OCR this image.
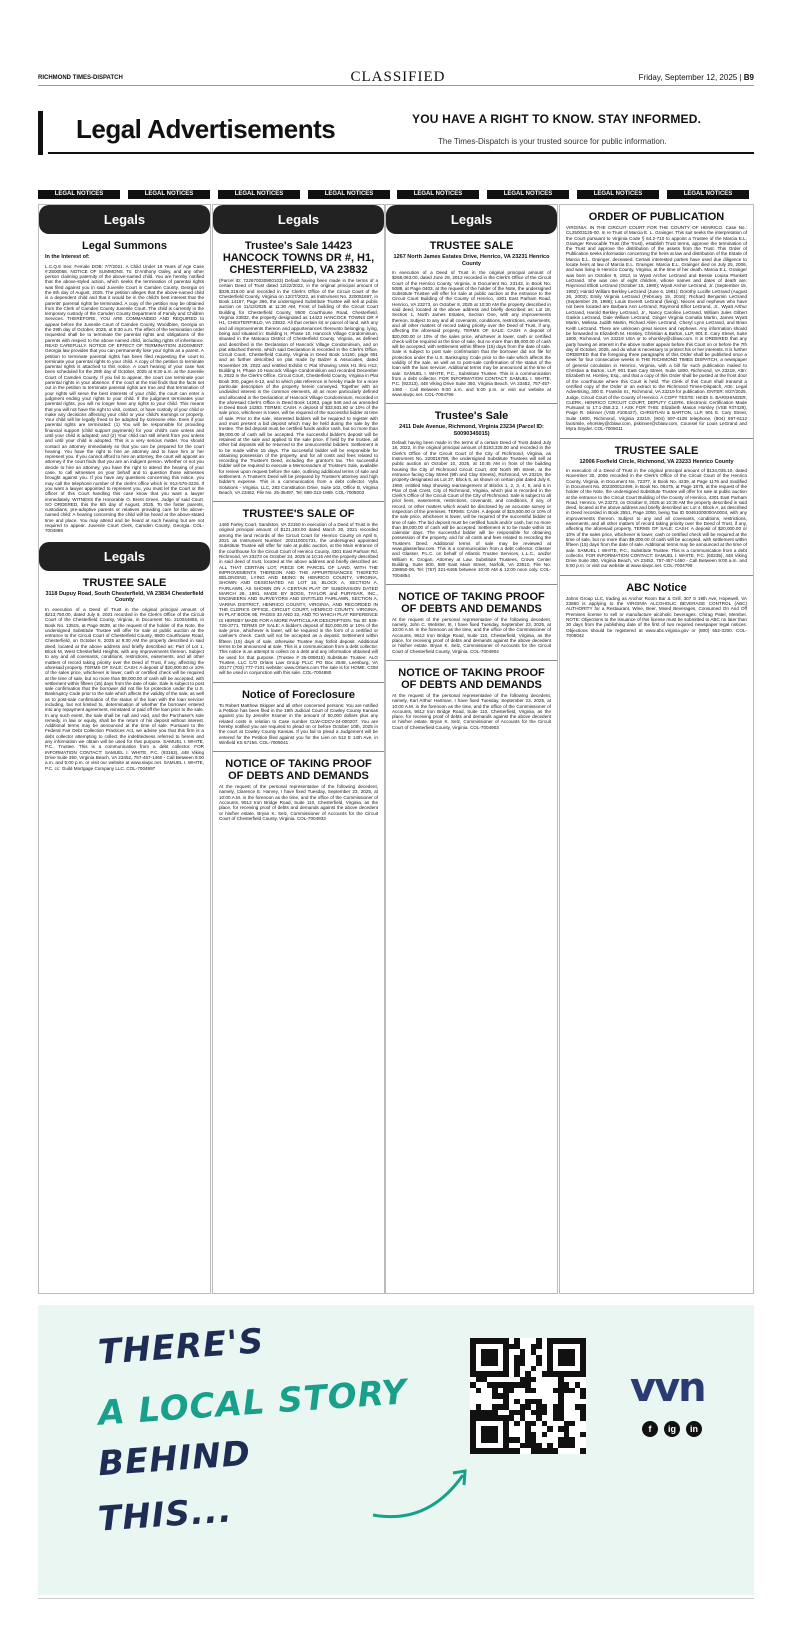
RICHMOND TIMES-DISPATCH	CLASSIFIED	Friday, September 12, 2025 | B9
Legal Advertisements	YOU HAVE A RIGHT TO KNOW. STAY INFORMED.
The Times-Dispatch is your trusted source for public information.
LEGAL NOTICES	LEGAL NOTICES	LEGAL NOTICES	LEGAL NOTICES	LEGAL NOTICES	LEGAL NOTICES	LEGAL NOTICES	LEGAL NOTICES
Legals
Legal Summons
In the Interest of:

L.C.Q.E Sex: Female DOB: 7/7/2021. A Child Under 18 Years of Age Case #:2500068. NOTICE OF SUMMONS. To: D'Anthony Oaley, and any other person claiming paternity of the above-named child. You are hereby notified that the above-styled action, which seeks the termination of parental rights was filed against you in said Juvenile Court in Camden County, Georgia on the 6th day of August, 2025. The petition alleges that the above-named child is a dependent child and that it would be in the child's best interest that the parents' parental rights be terminated. A copy of the petition may be obtained from the Clerk of Camden County Juvenile Court. The child is currently in the temporary custody of the Camden County Department of Family and Children Services. THEREFORE, YOU ARE COMMANDED AND REQUIRED to appear before the Juvenile Court of Camden County, Woodbine, Georgia on the 29th day of October, 2025, at 9:30 a.m. The effect of the termination order requested shall be to terminate the parental rights and obligations of the parents with respect to the above named child, including rights of inheritance. READ CAREFULLY. NOTICE OF EFFECT OF TERMINATION JUDGMENT. Georgia law provides that you can permanently lose your rights as a parent. A petition to terminate parental rights has been filed requesting the court to terminate your parental rights to your child. A copy of the petition to terminate parental rights is attached to this notice. A court hearing of your case has been scheduled for the 29th day of October, 2025 at 9:30 a.m. at the Juvenile Court of Camden County. If you fail to appear, the court can terminate your parental rights in your absence. If the court at the trial finds that the facts set out in the petition to terminate parental rights are true and that termination of your rights will serve the best interests of your child, the court can enter a judgment ending your rights to your child. If the judgment terminates your parental rights, you will no longer have any rights to your child. This means that you will not have the right to visit, contact, or have custody of your child or make any decisions affecting your child or your child's earnings or property. Your child will be legally freed to be adopted by someone else. Even if your parental rights are terminated: (1) You will be responsible for providing financial support (child support payments) for your child's care unless and until your child is adopted; and (2) Your child can still inherit from you unless and until your child is adopted. This is a very serious matter. You should contact an attorney immediately so that you can be prepared for the court hearing. You have the right to hire an attorney and to have him or her represent you. If you cannot afford to hire an attorney, the court will appoint an attorney if the court finds that you are an indigent person. Whether or not you decide to hire an attorney, you have the right to attend the hearing of your case, to call witnesses on your behalf and to question those witnesses brought against you. If you have any questions concerning this notice, you may call the telephone number of the clerk's office which is: 912-576-3226. If you want a lawyer appointed to represent you, you must let the Court or the officer of this Court handling this case know that you want a lawyer immediately. WITNESS the Honorable O. Brent Green, Judge of said Court. SO ORDERED, this the 6th day of August, 2025. To the foster parents, custodians, pre-adoptive parents or relatives providing care for the above-named child: A hearing concerning the child will be heard at the above-stated time and place. You may attend and be heard at such hearing but are not required to appear. Juvenile Court Clerk, Camden County, Georgia. COL-7004889

Legals
TRUSTEE SALE
3118 Dupuy Road, South Chesterfield, VA 23834 Chesterfield County

In execution of a Deed of Trust in the original principal amount of $213,750.00, dated July 9, 2021 recorded in the Clerk's Office of the Circuit Court of the Chesterfield County, Virginia, in Document No. 210044855, in Book No. 13515, at Page 0639, at the request of the holder of the Note, the undersigned Substitute Trustee will offer for sale at public auction at the entrance to the Circuit Court of Chesterfield County, 9500 Courthouse Road, Chesterfield, on October 8, 2025 at 9:30 AM the property described in said deed, located at the above address and briefly described as: Part of Lot 1, Block M, West Chesterfield Heights, with any improvements thereon. Subject to any and all covenants, conditions, restrictions, easements, and all other matters of record taking priority over the Deed of Trust, if any, affecting the aforesaid property. TERMS OF SALE: CASH: A deposit of $20,000.00 or 10% of the sales price, whichever is lower, cash or certified check will be required at the time of sale, but no more than $9,000.00 of cash will be accepted, with settlement within fifteen (15) days from the date of sale. Sale is subject to post sale confirmation that the borrower did not file for protection under the U.S. Bankruptcy Code prior to the sale which affects the validity of the sale, as well as to post-sale confirmation of the status of the loan with the loan servicer including, but not limited to, determination of whether the borrower entered into any repayment agreement, reinstated or paid off the loan prior to the sale. In any such event, the sale shall be null and void, and the Purchaser's sole remedy, in law or equity, shall be the return of his deposit without interest. Additional terms may be announced at the time of sale. Pursuant to the Federal Fair Debt Collection Practices Act, we advise you that this firm is a debt collector attempting to collect the indebtedness referred to herein and any information we obtain will be used for that purpose. SAMUEL I. WHITE, P.C., Trustee. This is a communication from a debt collector. FOR INFORMATION CONTACT: SAMUEL I. WHITE, P.C. (93163), 448 Viking Drive Suite 350, Virginia Beach, VA 23452, 757-457-1460 - Call Between 9:00 a.m. and 5:00 p.m. or visit our website at www.siwpc.net. SAMUEL I. WHITE, P.C. cc: Guild Mortgage Company LLC. COL-7004997

Legals
Trustee's Sale 14423 HANCOCK TOWNS DR #, H1, CHESTERFIELD, VA 23832

(Parcel ID: 722670030900103) Default having been made in the terms of a certain Deed of Trust dated 12/22/2022, in the original principal amount of $339,318.00 and recorded in the Clerk's Office of the Circuit Court of the Chesterfield County, Virginia on 12/27/2022, as Instrument No. 220051697, in Book 14167, Page 366, the undersigned Substitute Trustee will sell at public auction on 11/12/2025 at 11:30 AM, Front of building of the Circuit Court Building for Chesterfield County, 9500 Courthouse Road, Chesterfield, Virginia 23832, the property designated as 14423 HANCOCK TOWNS DR # H1, CHESTERFIELD, VA 23832. All that certain lot or parcel of land, with any and all improvements thereon and appurtenances thereunto belonging, lying, being and situated in: Building H, Phase 10, Hancock Village Condominium, situated in the Matoaca District of Chesterfield County, Virginia, as defined and described in the Declaration of Hancock Village Condominium, and on plat attached thereto, which said Declaration is recorded in the Clerk's Office, Circuit Court, Chesterfield County, Virginia in Deed Book 14150, page 691 and as further described on plat made by Balzer & Associates, dated November 29, 2022 and entitled Exhibit C Plat Showing Units H1 thru H12, Building H, Phase 10 Hancock Village Condominium and recorded December 5, 2022 in the Clerk's Office, Circuit Court, Chesterfield County, Virginia in Plat Book 300, pages 6-12, and to which plat reference is hereby made for a more particular description of the property herein conveyed. Together with an undivided interest in the common elements, all as more particularly defined and allocated in the Declaration of Hancock Village Condominium, recorded in the aforesaid Clerk's Office in Deed Book 14263, page 548 and as amended in Deed Book 14283. TERMS: CASH. A deposit of $33,931.80 or 10% of the sale price, whichever is lower, will be required of the successful bidder at time of sale. Prior to the sale, interested bidders will be required to register with and must present a bid deposit which may be held during the sale by the trustee. The bid deposit must be certified funds and/or cash, but no more than $9,000.00 of cash will be accepted. The successful bidder's deposit will be retained at the sale and applied to the sale price. If held by the trustee, all other bid deposits will be returned to the unsuccessful bidders. Settlement is to be made within 15 days. The successful bidder will be responsible for obtaining possession of the property, and for all costs and fees related to recording the Trustee's Deed, including the grantor's tax. The successful bidder will be required to execute a Memorandum of Trustee's Sale, available for review upon request before the sale, outlining additional terms of sale and settlement. A Trustee's Deed will be prepared by Trustee's attorney and high bidder's expense. This is a communication from a debt collector. Vylla Solutions - Virginia, LLC, 283 Constitution Drive, Suite 102, Office B, Virginia Beach, VA 23462, File No. 25-35497, Tel: 888-313-1969. COL-7005003

TRUSTEE'S SALE OF

1460 Farley Court, Sandston, VA 23150 In execution of a Deed of Trust in the original principal amount of $121,193.00 dated March 30, 2021 recorded among the land records of the Circuit Court for Henrico County on April 5, 2021 as Instrument Number: 202110001731, the undersigned appointed Substitute Trustee will offer for sale at public auction, at the Main entrance of the courthouse for the Circuit Court of Henrico County, 4301 East Parham Rd, Richmond, VA 23273 on October 24, 2025 at 10:15 AM the property described in said deed of trust, located at the above address and briefly described as: ALL THAT CERTAIN LOT, PIECE OR PARCEL OF LAND, WITH THE IMPROVEMENTS THEREON AND THE APPURTENANCES THERETO BELONGING, LYING AND BEING IN HENRICO COUNTY, VIRGINIA, SHOWN AND DESIGNATED AS LOT 16, BLOCK A, SECTION A, FAIRLAWN, AS SHOWN ON A CERTAIN PLAT OF SUBDIVISION DATED MARCH 26, 1991, MADE BY BOOS, TAYLOR and PURYEAR, INC., ENGINEERS AND SURVEYORS AND ENTITLED FAIRLAWN, SECTION A, VARINA DISTRICT, HENRICO COUNTY, VIRGINIA, AND RECORDED IN THE CLERK'S OFFICE, CIRCUIT COURT, HENRICO COUNTY, VIRGINIA, IN PLAT BOOK 95, PAGES 33 AND 32, AND TO WHICH PLAT REFERENCE IS HEREBY MADE FOR A MORE PARTICULAR DESCRIPTION. Tax ID: 828-726-3771. TERMS OF SALE: A bidder's deposit of $10,000.00 or 10% of the sale price, whichever is lower, will be required in the form of a certified or cashier's check. Cash will not be accepted as a deposit. Settlement within fifteen (15) days of sale, otherwise Trustee may forfeit deposit. Additional terms to be announced at sale. This is a communication from a debt collector. This notice is an attempt to collect on a debt and any information obtained will be used for that purpose. (Trustee # 25-009015) Substitute Trustee: ALG Trustee, LLC C/O Orlans Law Group PLLC PO Box 2548, Leesburg, VA 20177 (703) 777-7101 website: www.Orlans.com The sale is for HOME. COM will be used in conjunction with this sale. COL-7004880

Notice of Foreclosure

To Robert Matthew Skipper and all other concerned persons: You are notified a Petition has been filed in the 19th Judicial Court of Cowley County Kansas against you by Jennifer Kramer in the amount of 50,000 dollars plus any related costs in relation to Case number CLW-CDCV-24-000207. You are hereby notified you are required to plead on or before October 10th, 2025 in the court at Cowley County Kansas. If you fail to plead a Judgement will be entered for the Petition filed against you for the Lien on 512 E 14th Ave, in Winfield KS 67156. COL-7005041

NOTICE OF TAKING PROOF OF DEBTS AND DEMANDS

At the request of the personal representative of the following decedent, namely, Clarence E. Harvey, I have fixed Tuesday, September 23, 2025, at 10:00 A.M. in the forenoon as the time, and the office of the Commissioner of Accounts, 9512 Iron Bridge Road, Suite 110, Chesterfield, Virginia, as the place, for receiving proof of debts and demands against the above decedent or his/her estate. Bryan K. Selz, Commissioner of Accounts for the Circuit Court of Chesterfield County, Virginia. COL-7004933

Legals
TRUSTEE SALE
1267 North James Estates Drive, Henrico, VA 23231 Henrico County

In execution of a Deed of Trust in the original principal amount of $268,063.00, dated June 28, 2012 recorded in the Clerk's Office of the Circuit Court of the Henrico County, Virginia, in Document No. 23142, in Book No. 5088, at Page 0403, at the request of the holder of the Note, the undersigned Substitute Trustee will offer for sale at public auction at the entrance to the Circuit Court Building of the County of Henrico, 4301 East Parham Road, Henrico, VA 23273, on October 8, 2025 at 10:30 AM the property described in said deed, located at the above address and briefly described as: Lot 18, Section 1, North James Estates, Section One, with any improvements thereon. Subject to any and all covenants, conditions, restrictions, easements, and all other matters of record taking priority over the Deed of Trust, if any, affecting the aforesaid property. TERMS OF SALE: CASH: A deposit of $20,000.00 or 10% of the sales price, whichever is lower, cash or certified check will be required at the time of sale, but no more than $9,000.00 of cash will be accepted, with settlement within fifteen (15) days from the date of sale. Sale is subject to post sale confirmation that the borrower did not file for protection under the U.S. Bankruptcy Code prior to the sale which affects the validity of the sale, as well as to post-sale confirmation of the status of the loan with the loan servicer. Additional terms may be announced at the time of sale. SAMUEL I. WHITE, P.C., Substitute Trustee. This is a communication from a debt collector. FOR INFORMATION CONTACT: SAMUEL I. WHITE, P.C. (92313), 448 Viking Drive Suite 350, Virginia Beach, VA 23452, 757-457-1460 - Call Between 9:00 a.m. and 5:00 p.m. or visit our website at www.siwpc.net. COL-7004796

Trustee's Sale
2411 Dale Avenue, Richmond, Virginia 23234 (Parcel ID: S0090345015)

Default having been made in the terms of a certain Deed of Trust dated July 18, 2022, in the original principal amount of $193,325.00 and recorded in the Clerk's Office of the Circuit Court of the City of Richmond, Virginia, as Instrument No. 220016788, the undersigned Substitute Trustees will sell at public auction on October 10, 2025, at 10:45 AM in front of the building housing the City of Richmond Circuit Court, 400 North 9th Street, at the entrance facing Clay Street (9th and Clay Streets), Richmond, VA 23219, the property designated as Lot 37, Block 6, as shown on certain plat dated July 6, 1950, entitled Map showing rearrangement of Blocks 1, 2, 3, 4, 5, and 6 in Plan of Oak Crest, City of Richmond, Virginia, which plat is recorded in the Clerk's Office of the Circuit Court of the City of Richmond. Sale is subject to all prior liens, easements, restrictions, covenants, and conditions, if any, of record, or other matters which would be disclosed by an accurate survey or inspection of the premises. TERMS: CASH. A deposit of $19,500.00 or 10% of the sale price, whichever is lower, will be required of the successful bidder at time of sale. The bid deposit must be certified funds and/or cash, but no more than $9,000.00 of cash will be accepted. Settlement is to be made within 15 calendar days. The successful bidder will be responsible for obtaining possession of the property, and for all costs and fees related to recording the Trustee's Deed. Additional terms of sale may be reviewed at www.glasserlaw.com. This is a communication from a debt collector. Glasser and Glasser, P.L.C. on behalf of Atlantic Trustee Services, L.L.C., and/or William K. Grogan, Attorney at Law. Substitute Trustees, Crown Center Building, Suite 600, 580 East Main Street, Norfolk, VA 23510, File No. 238650-06, Tel: (757) 321-6465 between 10:00 AM & 12:00 noon only. COL-7004854

NOTICE OF TAKING PROOF OF DEBTS AND DEMANDS

At the request of the personal representative of the following decedent, namely, John C. Webster, III, I have fixed Tuesday, September 23, 2025, at 10:00 A.M. in the forenoon as the time, and the office of the Commissioner of Accounts, 9512 Iron Bridge Road, Suite 110, Chesterfield, Virginia, as the place, for receiving proof of debts and demands against the above decedent or his/her estate. Bryan K. Selz, Commissioner of Accounts for the Circuit Court of Chesterfield County, Virginia. COL-7004904

NOTICE OF TAKING PROOF OF DEBTS AND DEMANDS

At the request of the personal representative of the following decedent, namely, Karl Arthur Hartman, I have fixed Tuesday, September 23, 2025, at 10:00 A.M. in the forenoon as the time, and the office of the Commissioner of Accounts, 9512 Iron Bridge Road, Suite 110, Chesterfield, Virginia, as the place, for receiving proof of debts and demands against the above decedent or his/her estate. Bryan K. Selz, Commissioner of Accounts for the Circuit Court of Chesterfield County, Virginia. COL-7004903

ORDER OF PUBLICATION

VIRGINIA: IN THE CIRCUIT COURT FOR THE COUNTY OF HENRICO. Case No.: CL25003125-00. In re Trust of Marcia E. L. Grainger. This suit seeks the interpretation of the Court pursuant to Virginia Code § 64.2-710 to appoint a Trustee of the Marcia E.L. Grainger Revocable Trust (the Trust), establish Trust terms, approve the termination of the Trust and approve the distribution of the assets from the Trust. This Order of Publication seeks information concerning the heirs at law and distribution of the Estate of Marcia E.L. Grainger, deceased. Certain interested parties have used due diligence to locate heirs at law of Marcia E.L. Grainger. Marcia E.L. Grainger died on July 25, 2006, and was living in Henrico County, Virginia, at the time of her death. Marcia E.L. Grainger was born on October 9, 1913, to Wyatt Archer LeGrand and Bessie Louisa Plunkett LeGrand. She was one of eight children, whose names and dates of death are: Raymond Elliott LeGrand (October 15, 1980); Wyatt Archer LeGrand, Jr. (September 15, 1992); Harold William Berkley LeGrand (June 6, 1981); Dorothy Lucille LeGrand (August 26, 2003); Emily Virginia LeGrand (February 19, 2016); Richard Benjamin LeGrand (September 29, 1988); Louis Everett LeGrand (living). Nieces and nephews who have not been located are Barbara Ann LeGrand, Raymond Elliot LeGrand, Jr., Wyatt Arthur LeGrand, Harold Berkley LeGrand, Jr., Nancy Caroline LeGrand, William Jules Gilbert Gaskin LeGrand, Dale William LeGrand, Ginger Virginia Comalla Martin, James Wyatt Martin, Melissa Judith Martin, Richard Allen LeGrand, Cheryl Lynn LeGrand, and Brian Keith LeGrand. There are unknown great nieces and nephews. Any information should be forwarded to Elizabeth M. Horsley, Christian & Barton, LLP, 901 E. Cary Street, Suite 1800, Richmond, VA 23219 USA or to ehorsley@cblaw.com. It is ORDERED that any party having an interest in the above matter appear before this Court on or before the 7th day of October, 2025, and do what is necessary to protect his or her interests. It is further ORDERED that the foregoing three paragraphs of this Order shall be published once a week for four consecutive weeks in THE RICHMOND TIMES DISPATCH, a newspaper of general circulation in Henrico, Virginia, with a bill for such publication mailed to Christian & Barton, LLP, 901 East Cary Street, Suite 1800, Richmond, VA 23219, Attn: Elizabeth M. Horsley, Esq., and that a copy of this Order shall be posted at the front door of the courthouse where this Court is held. The Clerk of this Court shall transmit a certified copy of the Order or an extract to the Richmond Times-Dispatch, Attn: Legal Advertising, 300 E. Franklin St., Richmond, VA 23219 for publication. ENTER: 8/27/2025. Judge, Circuit Court of the County of Henrico. A COPY TESTE: HEIDI S. BARSHINGER, CLERK, HENRICO CIRCUIT COURT, DEPUTY CLERK. Electronic Certification Made Pursuant to 17.1-258.3:2. I ASK FOR THIS: Elizabeth Mason Horsley (VSB #37429), Paige R. Skinner (VSB #100427), CHRISTIAN & BARTON, LLP, 901 E. Cary Street, Suite 1800, Richmond, Virginia 23219, (804) 697-4108 telephone, (804) 697-6112 facsimile, ehorsley@cblaw.com, pskinner@cblaw.com, Counsel for Louis LeGrand and Myra Snyder. COL-7005011

TRUSTEE SALE
12006 Foxfield Circle, Richmond, VA 23233 Henrico County

In execution of a Deed of Trust in the original principal amount of $134,035.10, dated November 30, 2006 recorded in the Clerk's Office of the Circuit Court of the Henrico County, Virginia, in Document No. 72377, in Book No. 4239, at Page 1176 and modified in Document No. 202300012499, in Book No. 06475, at Page 1875, at the request of the holder of the Note, the undersigned Substitute Trustee will offer for sale at public auction at the entrance to the Circuit Court Building of the County of Henrico, 4301 East Parham Road, Henrico, VA 23273, on October 8, 2025 at 10:30 AM the property described in said deed, located at the above address and briefly described as: Lot 4, Block A, as described in Deed recorded in Book 2551, Page 2050, being Tax ID 00461000000A0004, with any improvements thereon. Subject to any and all covenants, conditions, restrictions, easements, and all other matters of record taking priority over the Deed of Trust, if any, affecting the aforesaid property. TERMS OF SALE: CASH: A deposit of $20,000.00 or 10% of the sales price, whichever is lower, cash or certified check will be required at the time of sale, but no more than $9,000.00 of cash will be accepted, with settlement within fifteen (15) days from the date of sale. Additional terms may be announced at the time of sale. SAMUEL I. WHITE, P.C., Substitute Trustee. This is a communication from a debt collector. FOR INFORMATION CONTACT: SAMUEL I. WHITE, P.C. (60235), 448 Viking Drive Suite 350, Virginia Beach, VA 23452, 757-457-1460 - Call Between 9:00 a.m. and 5:00 p.m. or visit our website at www.siwpc.net. COL-7004799

ABC Notice

Jahns Group LLC, trading as Anchor Room Bar & Grill, 307 S 19th Ave, Hopewell, VA 23860 is applying to the VIRGINIA ALCOHOLIC BEVERAGE CONTROL (ABC) AUTHORITY for a Restaurant, Wine, Beer, Mixed Beverages, Consumed On And Off Premises license to sell or manufacture alcoholic beverages. Chirag Patel, Member. NOTE: Objections to the issuance of this license must be submitted to ABC no later than 30 days from the publishing date of the first of two required newspaper legal notices. Objections should be registered at www.abc.virginia.gov or (800) 552-3200. COL-7005042

THERE'S
A LOCAL STORY
BEHIND
THIS...
vvn
f	ig	in
